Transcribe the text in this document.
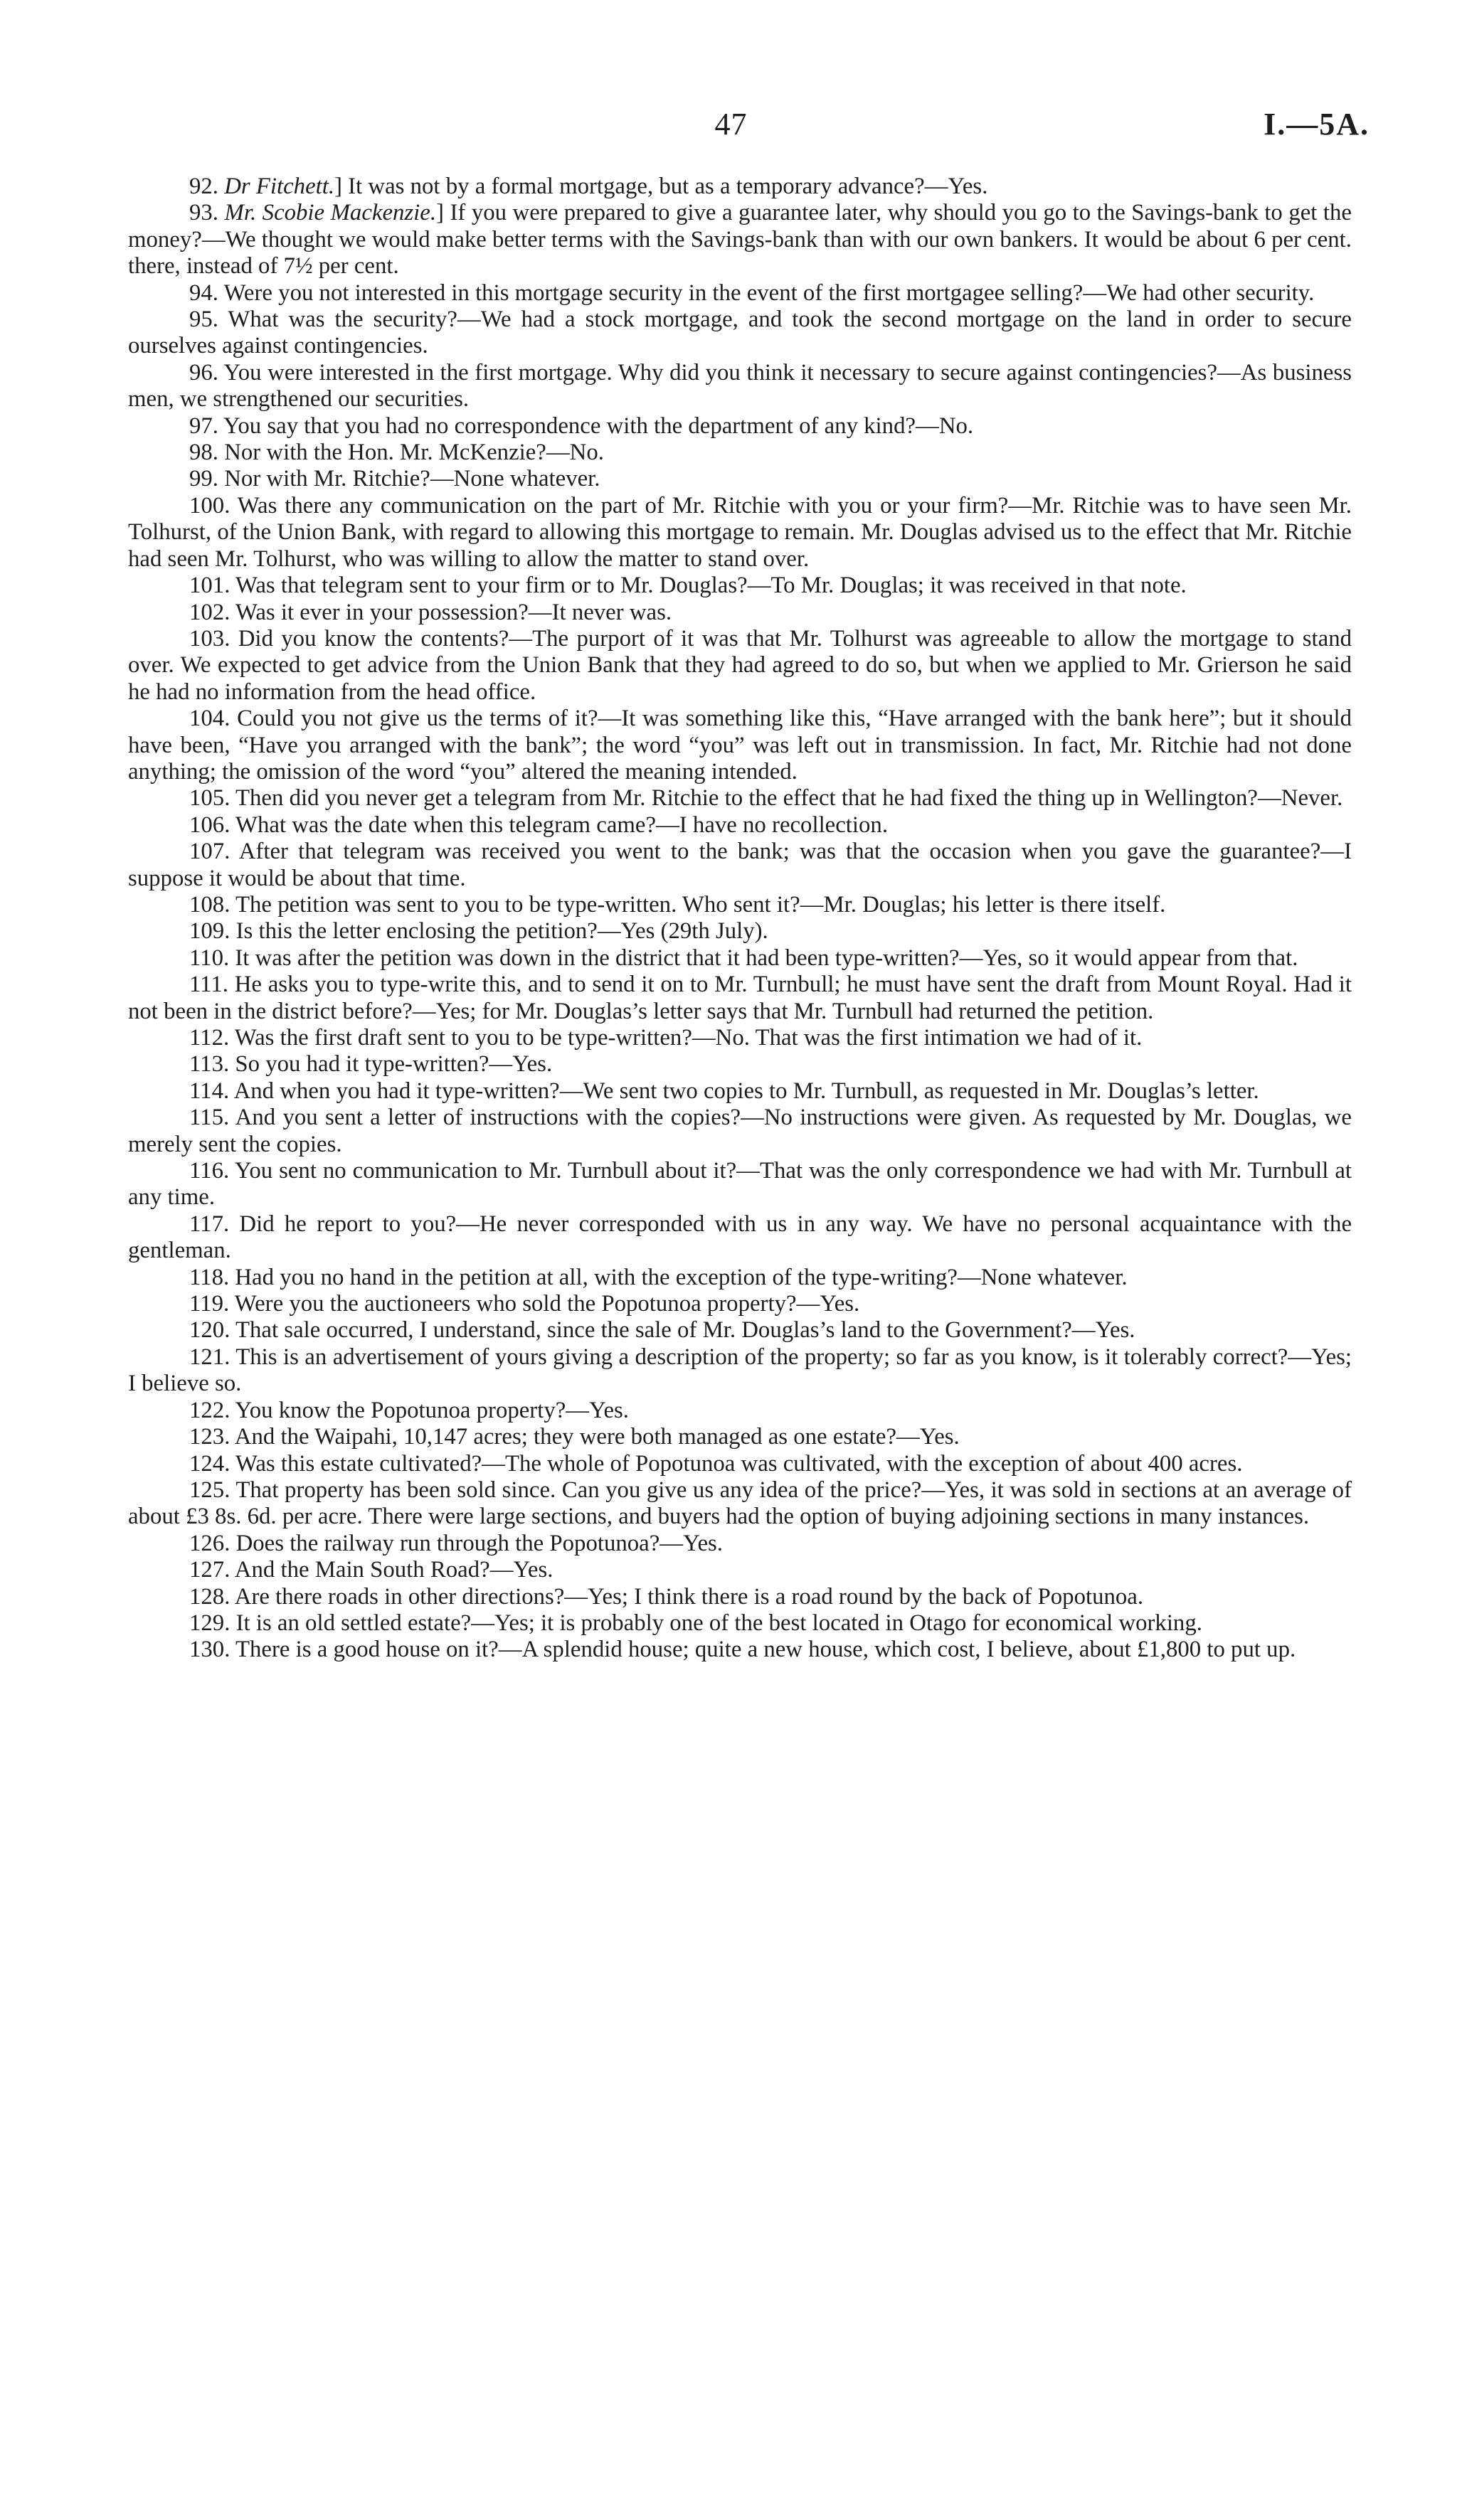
47	I.—5A.

92. Dr Fitchett.] It was not by a formal mortgage, but as a temporary advance?—Yes.

93. Mr. Scobie Mackenzie.] If you were prepared to give a guarantee later, why should you go to the Savings-bank to get the money?—We thought we would make better terms with the Savings-bank than with our own bankers. It would be about 6 per cent. there, instead of 7½ per cent.

94. Were you not interested in this mortgage security in the event of the first mortgagee selling?—We had other security.

95. What was the security?—We had a stock mortgage, and took the second mortgage on the land in order to secure ourselves against contingencies.

96. You were interested in the first mortgage. Why did you think it necessary to secure against contingencies?—As business men, we strengthened our securities.

97. You say that you had no correspondence with the department of any kind?—No.

98. Nor with the Hon. Mr. McKenzie?—No.

99. Nor with Mr. Ritchie?—None whatever.

100. Was there any communication on the part of Mr. Ritchie with you or your firm?—Mr. Ritchie was to have seen Mr. Tolhurst, of the Union Bank, with regard to allowing this mortgage to remain. Mr. Douglas advised us to the effect that Mr. Ritchie had seen Mr. Tolhurst, who was willing to allow the matter to stand over.

101. Was that telegram sent to your firm or to Mr. Douglas?—To Mr. Douglas; it was received in that note.

102. Was it ever in your possession?—It never was.

103. Did you know the contents?—The purport of it was that Mr. Tolhurst was agreeable to allow the mortgage to stand over. We expected to get advice from the Union Bank that they had agreed to do so, but when we applied to Mr. Grierson he said he had no information from the head office.

104. Could you not give us the terms of it?—It was something like this, “Have arranged with the bank here”; but it should have been, “Have you arranged with the bank”; the word “you” was left out in transmission. In fact, Mr. Ritchie had not done anything; the omission of the word “you” altered the meaning intended.

105. Then did you never get a telegram from Mr. Ritchie to the effect that he had fixed the thing up in Wellington?—Never.

106. What was the date when this telegram came?—I have no recollection.

107. After that telegram was received you went to the bank; was that the occasion when you gave the guarantee?—I suppose it would be about that time.

108. The petition was sent to you to be type-written. Who sent it?—Mr. Douglas; his letter is there itself.

109. Is this the letter enclosing the petition?—Yes (29th July).

110. It was after the petition was down in the district that it had been type-written?—Yes, so it would appear from that.

111. He asks you to type-write this, and to send it on to Mr. Turnbull; he must have sent the draft from Mount Royal. Had it not been in the district before?—Yes; for Mr. Douglas’s letter says that Mr. Turnbull had returned the petition.

112. Was the first draft sent to you to be type-written?—No. That was the first intimation we had of it.

113. So you had it type-written?—Yes.

114. And when you had it type-written?—We sent two copies to Mr. Turnbull, as requested in Mr. Douglas’s letter.

115. And you sent a letter of instructions with the copies?—No instructions were given. As requested by Mr. Douglas, we merely sent the copies.

116. You sent no communication to Mr. Turnbull about it?—That was the only correspondence we had with Mr. Turnbull at any time.

117. Did he report to you?—He never corresponded with us in any way. We have no personal acquaintance with the gentleman.

118. Had you no hand in the petition at all, with the exception of the type-writing?—None whatever.

119. Were you the auctioneers who sold the Popotunoa property?—Yes.

120. That sale occurred, I understand, since the sale of Mr. Douglas’s land to the Government?—Yes.

121. This is an advertisement of yours giving a description of the property; so far as you know, is it tolerably correct?—Yes; I believe so.

122. You know the Popotunoa property?—Yes.

123. And the Waipahi, 10,147 acres; they were both managed as one estate?—Yes.

124. Was this estate cultivated?—The whole of Popotunoa was cultivated, with the exception of about 400 acres.

125. That property has been sold since. Can you give us any idea of the price?—Yes, it was sold in sections at an average of about £3 8s. 6d. per acre. There were large sections, and buyers had the option of buying adjoining sections in many instances.

126. Does the railway run through the Popotunoa?—Yes.

127. And the Main South Road?—Yes.

128. Are there roads in other directions?—Yes; I think there is a road round by the back of Popotunoa.

129. It is an old settled estate?—Yes; it is probably one of the best located in Otago for economical working.

130. There is a good house on it?—A splendid house; quite a new house, which cost, I believe, about £1,800 to put up.
